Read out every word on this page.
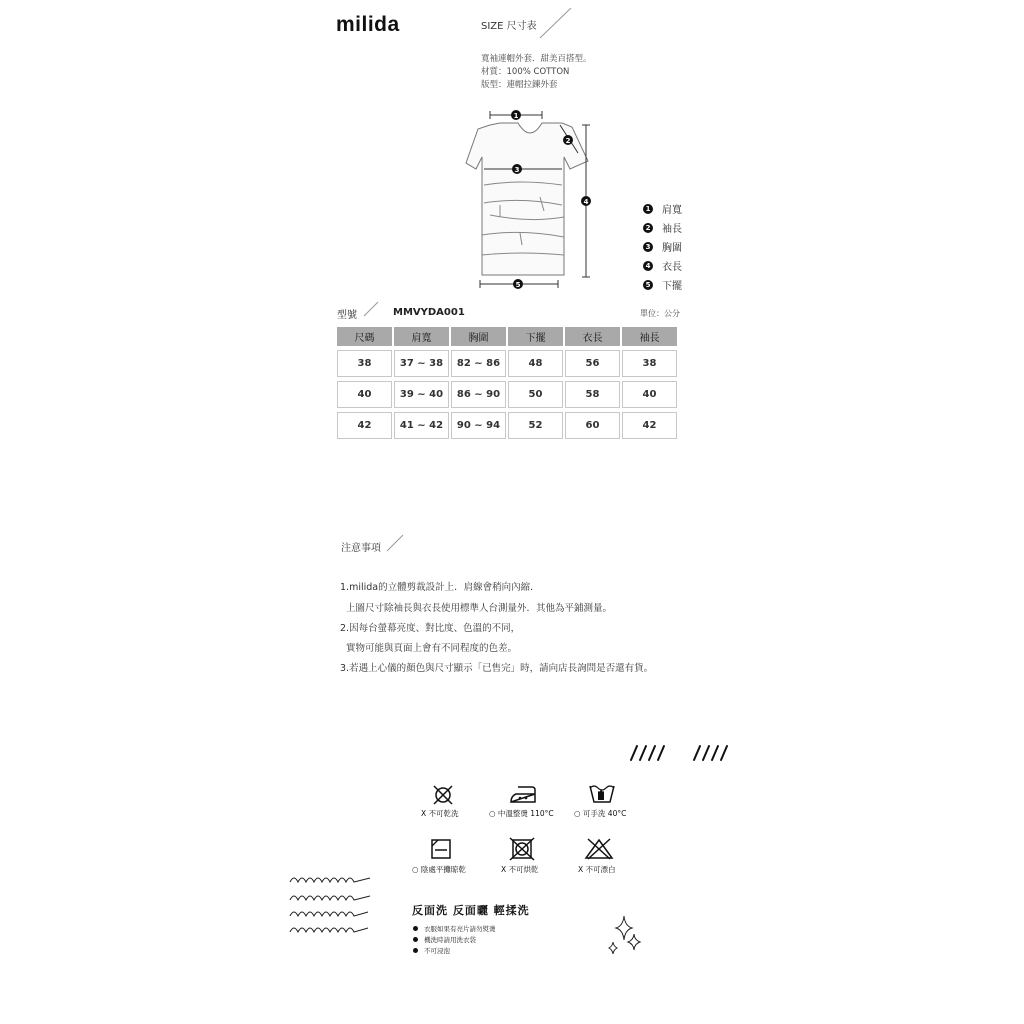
milida	SIZE 尺寸表
寬袖連帽外套．甜美百搭型。
材質：100% COTTON
版型：連帽拉鍊外套
1
2
3
4
5
1 肩寬
2 袖長
3 胸圍
4 衣長
5 下擺
型號	MMVYDA001	單位：公分
尺碼	肩寬	胸圍	下擺	衣長	袖長
38	37 ~ 38	82 ~ 86	48	56	38
40	39 ~ 40	86 ~ 90	50	58	40
42	41 ~ 42	90 ~ 94	52	60	42
注意事項
1.milida的立體剪裁設計上．肩線會稍向內縮．
上圖尺寸除袖長與衣長使用標準人台測量外．其他為平鋪測量。
2.因每台螢幕亮度、對比度、色溫的不同，
實物可能與頁面上會有不同程度的色差。
3.若遇上心儀的顏色與尺寸顯示「已售完」時，請向店長詢問是否還有貨。
X 不可乾洗	○ 中溫整燙 110°C	○ 可手洗 40°C
○ 陰處平攤晾乾	X 不可烘乾	X 不可漂白
反面洗 反面曬 輕揉洗
衣服如果有亮片請勿熨燙
機洗時請用洗衣袋
不可浸泡
